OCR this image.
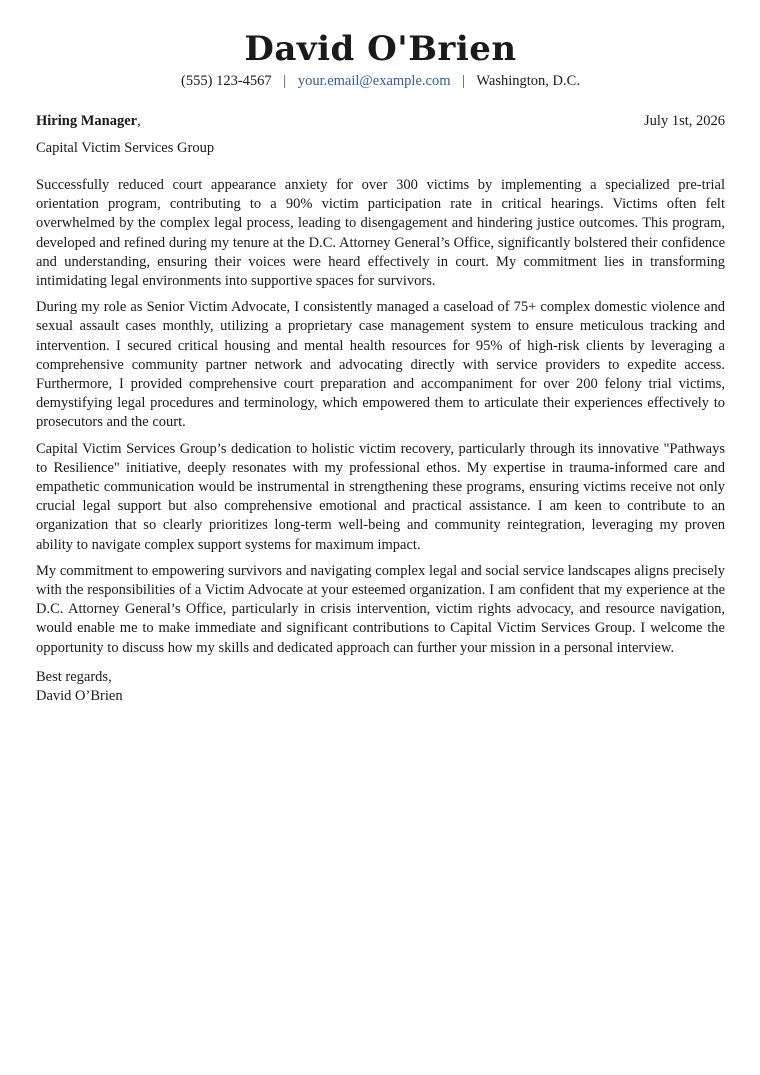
David O'Brien
(555) 123-4567 | your.email@example.com | Washington, D.C.
Hiring Manager,	July 1st, 2026
Capital Victim Services Group

Successfully reduced court appearance anxiety for over 300 victims by implementing a specialized pre-trial orientation program, contributing to a 90% victim participation rate in critical hearings. Victims often felt overwhelmed by the complex legal process, leading to disengagement and hindering justice outcomes. This program, developed and refined during my tenure at the D.C. Attorney General’s Office, significantly bolstered their confidence and understanding, ensuring their voices were heard effectively in court. My commitment lies in transforming intimidating legal environments into supportive spaces for survivors.

During my role as Senior Victim Advocate, I consistently managed a caseload of 75+ complex domestic violence and sexual assault cases monthly, utilizing a proprietary case management system to ensure meticulous tracking and intervention. I secured critical housing and mental health resources for 95% of high-risk clients by leveraging a comprehensive community partner network and advocating directly with service providers to expedite access. Furthermore, I provided comprehensive court preparation and accompaniment for over 200 felony trial victims, demystifying legal procedures and terminology, which empowered them to articulate their experiences effectively to prosecutors and the court.

Capital Victim Services Group’s dedication to holistic victim recovery, particularly through its innovative "Pathways to Resilience" initiative, deeply resonates with my professional ethos. My expertise in trauma-informed care and empathetic communication would be instrumental in strengthening these programs, ensuring victims receive not only crucial legal support but also comprehensive emotional and practical assistance. I am keen to contribute to an organization that so clearly prioritizes long-term well-being and community reintegration, leveraging my proven ability to navigate complex support systems for maximum impact.

My commitment to empowering survivors and navigating complex legal and social service landscapes aligns precisely with the responsibilities of a Victim Advocate at your esteemed organization. I am confident that my experience at the D.C. Attorney General’s Office, particularly in crisis intervention, victim rights advocacy, and resource navigation, would enable me to make immediate and significant contributions to Capital Victim Services Group. I welcome the opportunity to discuss how my skills and dedicated approach can further your mission in a personal interview.

Best regards,
David O’Brien
